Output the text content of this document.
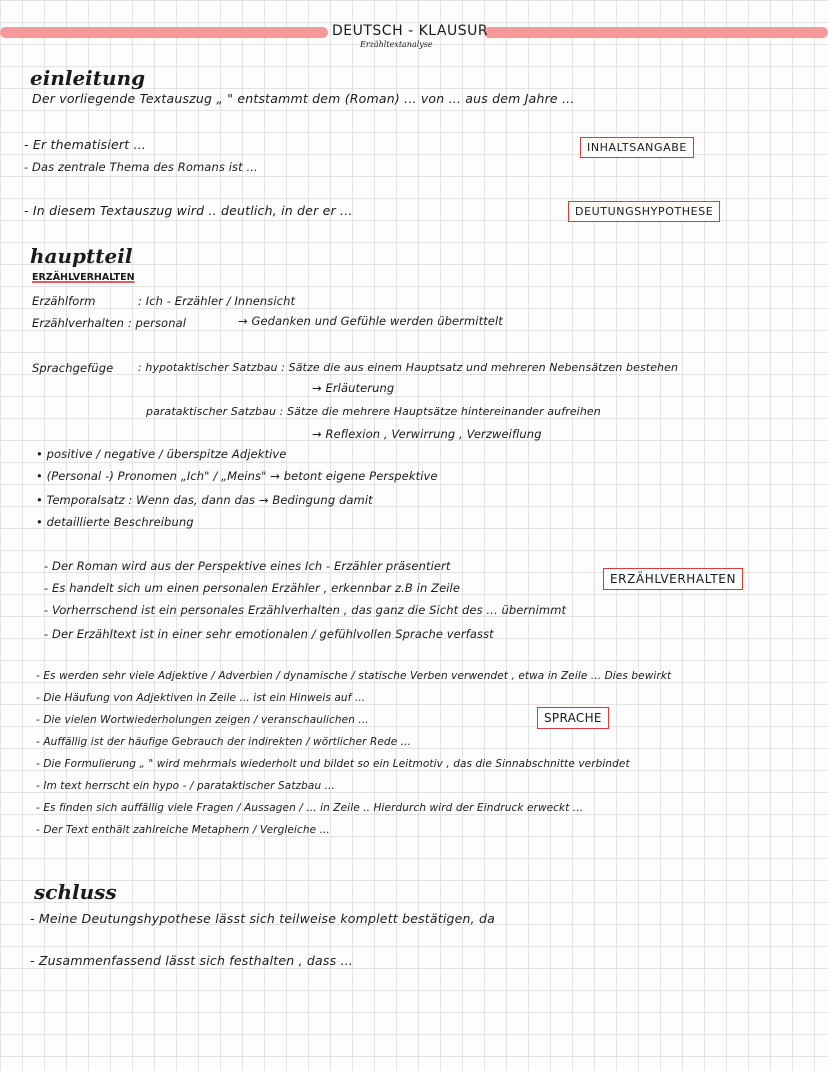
DEUTSCH - KLAUSUR
Erzähltextanalyse
einleitung
Der vorliegende Textauszug „ " entstammt dem (Roman) ... von ... aus dem Jahre ...
- Er thematisiert ...
- Das zentrale Thema des Romans ist ...
- In diesem Textauszug wird .. deutlich, in der er ...
INHALTSANGABE
DEUTUNGSHYPOTHESE
hauptteil
ERZÄHLVERHALTEN
Erzählform	: Ich - Erzähler / Innensicht
Erzählverhalten : personal	→ Gedanken und Gefühle werden übermittelt
Sprachgefüge : hypotaktischer Satzbau : Sätze die aus einem Hauptsatz und mehreren Nebensätzen bestehen
→ Erläuterung
parataktischer Satzbau : Sätze die mehrere Hauptsätze hintereinander aufreihen
→ Reflexion , Verwirrung , Verzweiflung
• positive / negative / überspitze Adjektive
• (Personal -) Pronomen „Ich" / „Meins" → betont eigene Perspektive
• Temporalsatz : Wenn das, dann das → Bedingung damit
• detaillierte Beschreibung
- Der Roman wird aus der Perspektive eines Ich - Erzähler präsentiert
- Es handelt sich um einen personalen Erzähler , erkennbar z.B in Zeile
- Vorherrschend ist ein personales Erzählverhalten , das ganz die Sicht des ... übernimmt
- Der Erzähltext ist in einer sehr emotionalen / gefühlvollen Sprache verfasst
ERZÄHLVERHALTEN
- Es werden sehr viele Adjektive / Adverbien / dynamische / statische Verben verwendet , etwa in Zeile ... Dies bewirkt
- Die Häufung von Adjektiven in Zeile ... ist ein Hinweis auf ...
- Die vielen Wortwiederholungen zeigen / veranschaulichen ...
- Auffällig ist der häufige Gebrauch der indirekten / wörtlicher Rede ...
- Die Formulierung „ " wird mehrmals wiederholt und bildet so ein Leitmotiv , das die Sinnabschnitte verbindet
- Im text herrscht ein hypo - / parataktischer Satzbau ...
- Es finden sich auffällig viele Fragen / Aussagen / ... in Zeile .. Hierdurch wird der Eindruck erweckt ...
- Der Text enthält zahlreiche Metaphern / Vergleiche ...
SPRACHE
schluss
- Meine Deutungshypothese lässt sich teilweise komplett bestätigen, da
- Zusammenfassend lässt sich festhalten , dass ...
